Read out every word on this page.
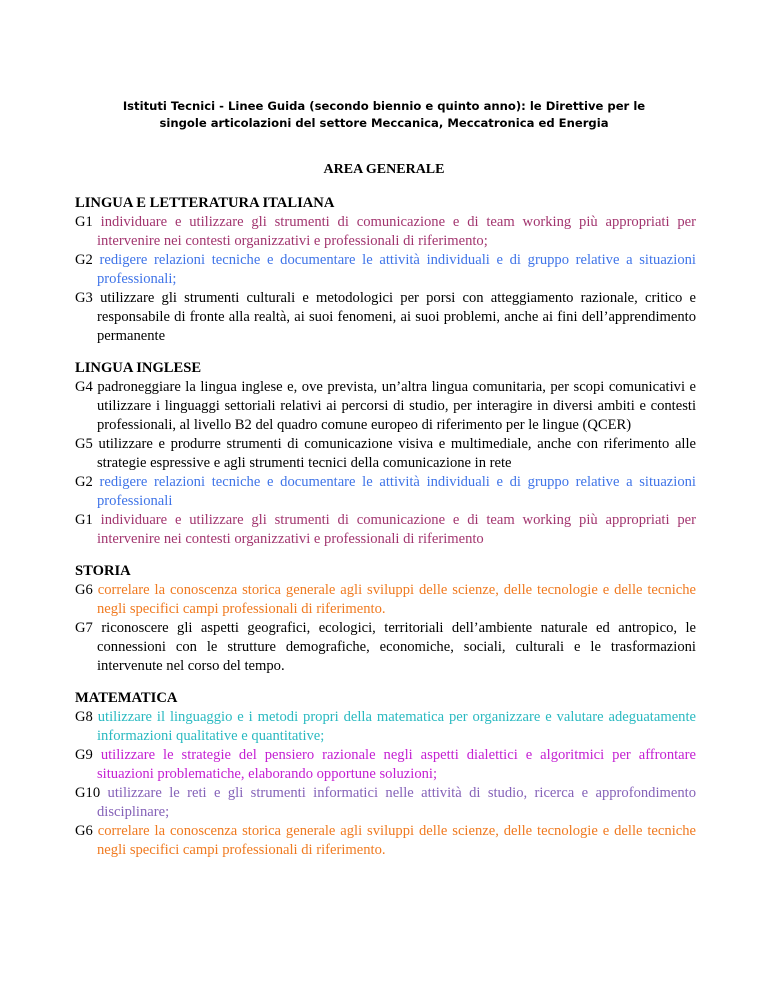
Istituti Tecnici - Linee Guida (secondo biennio e quinto anno): le Direttive per le
singole articolazioni del settore Meccanica, Meccatronica ed Energia
AREA GENERALE
LINGUA E LETTERATURA ITALIANA
G1 individuare e utilizzare gli strumenti di comunicazione e di team working più appropriati per intervenire nei contesti organizzativi e professionali di riferimento;
G2 redigere relazioni tecniche e documentare le attività individuali e di gruppo relative a situazioni professionali;
G3 utilizzare gli strumenti culturali e metodologici per porsi con atteggiamento razionale, critico e responsabile di fronte alla realtà, ai suoi fenomeni, ai suoi problemi, anche ai fini dell’apprendimento permanente
LINGUA INGLESE
G4 padroneggiare la lingua inglese e, ove prevista, un’altra lingua comunitaria, per scopi comunicativi e utilizzare i linguaggi settoriali relativi ai percorsi di studio, per interagire in diversi ambiti e contesti professionali, al livello B2 del quadro comune europeo di riferimento per le lingue (QCER)
G5 utilizzare e produrre strumenti di comunicazione visiva e multimediale, anche con riferimento alle strategie espressive e agli strumenti tecnici della comunicazione in rete
G2 redigere relazioni tecniche e documentare le attività individuali e di gruppo relative a situazioni professionali
G1 individuare e utilizzare gli strumenti di comunicazione e di team working più appropriati per intervenire nei contesti organizzativi e professionali di riferimento
STORIA
G6 correlare la conoscenza storica generale agli sviluppi delle scienze, delle tecnologie e delle tecniche negli specifici campi professionali di riferimento.
G7 riconoscere gli aspetti geografici, ecologici, territoriali dell’ambiente naturale ed antropico, le connessioni con le strutture demografiche, economiche, sociali, culturali e le trasformazioni intervenute nel corso del tempo.
MATEMATICA
G8 utilizzare il linguaggio e i metodi propri della matematica per organizzare e valutare adeguatamente informazioni qualitative e quantitative;
G9 utilizzare le strategie del pensiero razionale negli aspetti dialettici e algoritmici per affrontare situazioni problematiche, elaborando opportune soluzioni;
G10 utilizzare le reti e gli strumenti informatici nelle attività di studio, ricerca e approfondimento disciplinare;
G6 correlare la conoscenza storica generale agli sviluppi delle scienze, delle tecnologie e delle tecniche negli specifici campi professionali di riferimento.
